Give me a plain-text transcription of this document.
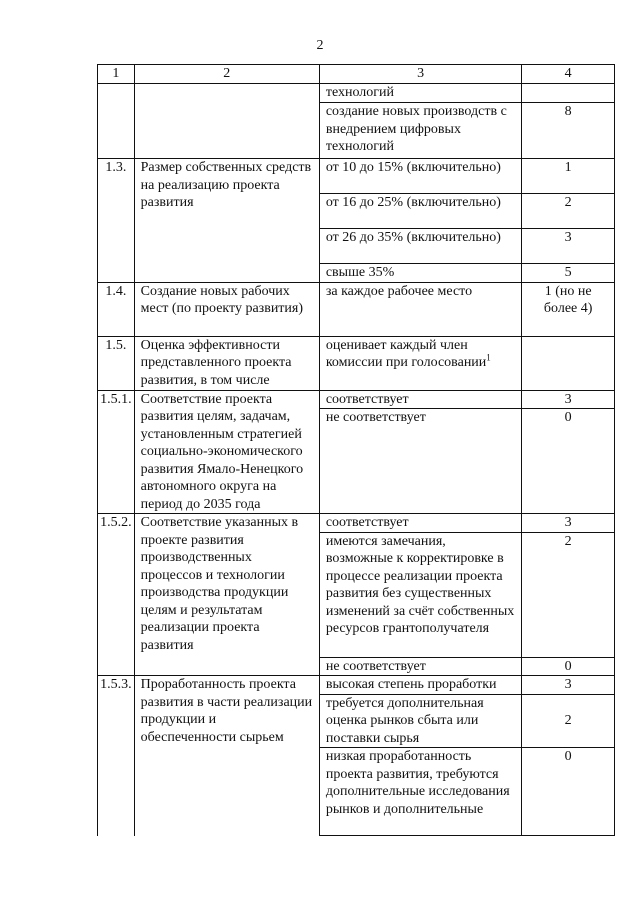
2
1	2	3	4
		технологий	
		создание новых производств с внедрением цифровых технологий	8
1.3.	Размер собственных средств на реализацию проекта развития	от 10 до 15% (включительно)	1
		от 16 до 25% (включительно)	2
		от 26 до 35% (включительно)	3
		свыше 35%	5
1.4.	Создание новых рабочих мест (по проекту развития)	за каждое рабочее место	1 (но не более 4)
1.5.	Оценка эффективности представленного проекта развития, в том числе	оценивает каждый член комиссии при голосовании$^1$	
1.5.1.	Соответствие проекта развития целям, задачам, установленным стратегией социально-экономического развития Ямало-Ненецкого автономного округа на период до 2035 года	соответствует	3
		не соответствует	0
1.5.2.	Соответствие указанных в проекте развития производственных процессов и технологии производства продукции целям и результатам реализации проекта развития	соответствует	3
		имеются замечания, возможные к корректировке в процессе реализации проекта развития без существенных изменений за счёт собственных ресурсов грантополучателя	2
		не соответствует	0
1.5.3.	Проработанность проекта развития в части реализации продукции и обеспеченности сырьем	высокая степень проработки	3
		требуется дополнительная оценка рынков сбыта или поставки сырья	2
		низкая проработанность проекта развития, требуются дополнительные исследования рынков и дополнительные	0
